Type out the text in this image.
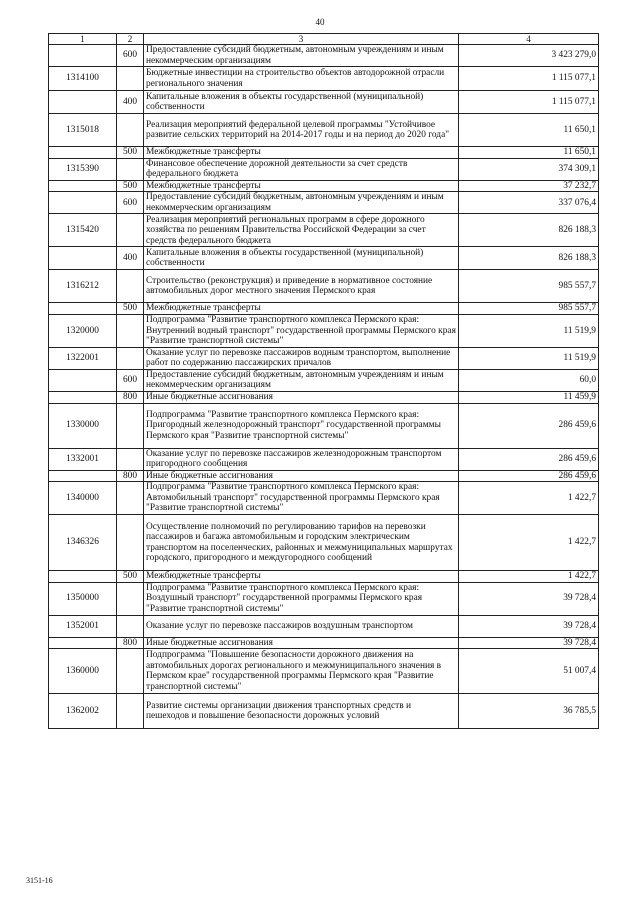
40
1	2	3	4
	600	Предоставление субсидий бюджетным, автономным учреждениям и иным некоммерческим организациям	3 423 279,0
1314100		Бюджетные инвестиции на строительство объектов автодорожной отрасли регионального значения	1 115 077,1
	400	Капитальные вложения в объекты государственной (муниципальной) собственности	1 115 077,1
1315018		Реализация мероприятий федеральной целевой программы "Устойчивое развитие сельских территорий на 2014-2017 годы и на период до 2020 года"	11 650,1
	500	Межбюджетные трансферты	11 650,1
1315390		Финансовое обеспечение дорожной деятельности за счет средств федерального бюджета	374 309,1
	500	Межбюджетные трансферты	37 232,7
	600	Предоставление субсидий бюджетным, автономным учреждениям и иным некоммерческим организациям	337 076,4
1315420		Реализация мероприятий региональных программ в сфере дорожного хозяйства по решениям Правительства Российской Федерации за счет средств федерального бюджета	826 188,3
	400	Капитальные вложения в объекты государственной (муниципальной) собственности	826 188,3
1316212		Строительство (реконструкция) и приведение в нормативное состояние автомобильных дорог местного значения Пермского края	985 557,7
	500	Межбюджетные трансферты	985 557,7
1320000		Подпрограмма "Развитие транспортного комплекса Пермского края: Внутренний водный транспорт" государственной программы Пермского края "Развитие транспортной системы"	11 519,9
1322001		Оказание услуг по перевозке пассажиров водным транспортом, выполнение работ по содержанию пассажирских причалов	11 519,9
	600	Предоставление субсидий бюджетным, автономным учреждениям и иным некоммерческим организациям	60,0
	800	Иные бюджетные ассигнования	11 459,9
1330000		Подпрограмма "Развитие транспортного комплекса Пермского края: Пригородный железнодорожный транспорт" государственной программы Пермского края "Развитие транспортной системы"	286 459,6
1332001		Оказание услуг по перевозке пассажиров железнодорожным транспортом пригородного сообщения	286 459,6
	800	Иные бюджетные ассигнования	286 459,6
1340000		Подпрограмма "Развитие транспортного комплекса Пермского края: Автомобильный транспорт" государственной программы Пермского края "Развитие транспортной системы"	1 422,7
1346326		Осуществление полномочий по регулированию тарифов на перевозки пассажиров и багажа автомобильным и городским электрическим транспортом на поселенческих, районных и межмуниципальных маршрутах городского, пригородного и междугородного сообщений	1 422,7
	500	Межбюджетные трансферты	1 422,7
1350000		Подпрограмма "Развитие транспортного комплекса Пермского края: Воздушный транспорт" государственной программы Пермского края "Развитие транспортной системы"	39 728,4
1352001		Оказание услуг по перевозке пассажиров воздушным транспортом	39 728,4
	800	Иные бюджетные ассигнования	39 728,4
1360000		Подпрограмма "Повышение безопасности дорожного движения на автомобильных дорогах регионального и межмуниципального значения в Пермском крае" государственной программы Пермского края "Развитие транспортной системы"	51 007,4
1362002		Развитие системы организации движения транспортных средств и пешеходов и повышение безопасности дорожных условий	36 785,5
3151-16
